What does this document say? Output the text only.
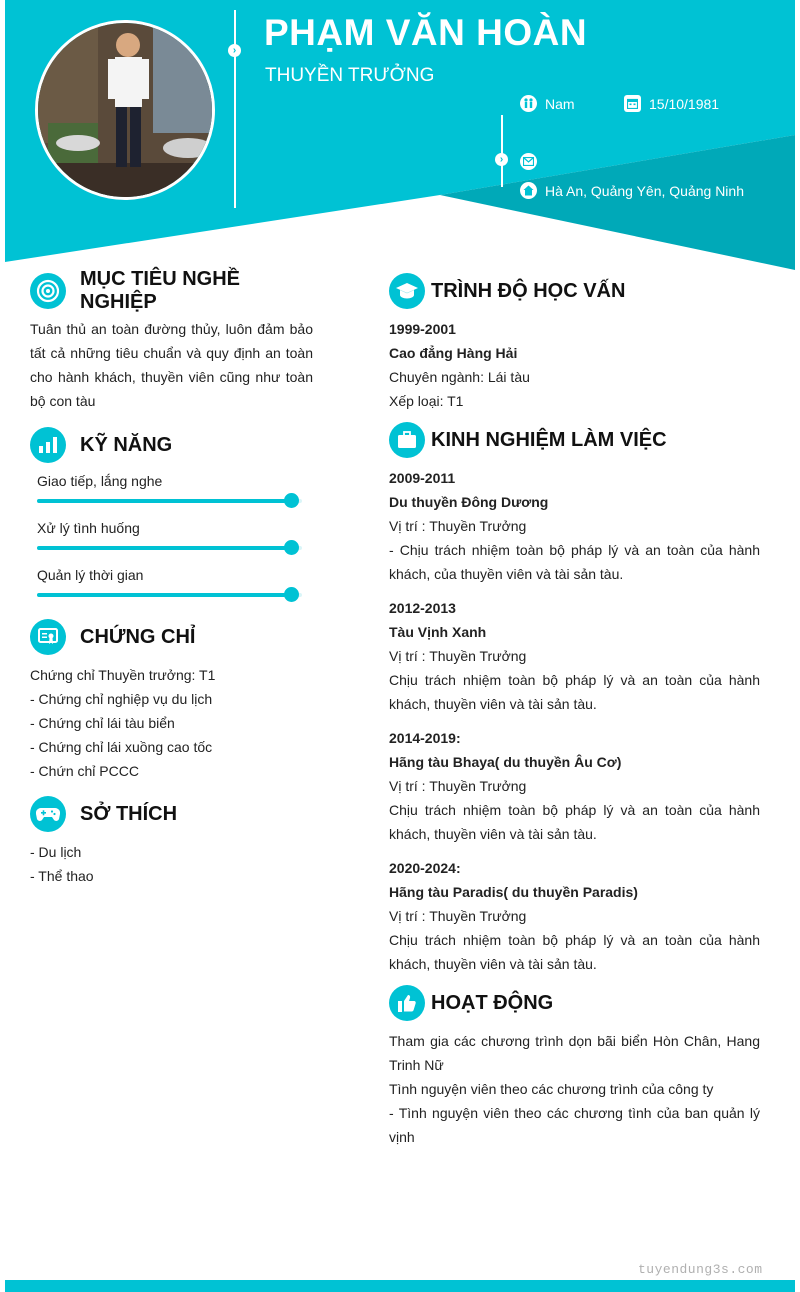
›
›
PHẠM VĂN HOÀN
THUYỀN TRƯỞNG
Nam	15/10/1981
Hà An, Quảng Yên, Quảng Ninh
MỤC TIÊU NGHỀ NGHIỆP

Tuân thủ an toàn đường thủy, luôn đảm bảo tất cả những tiêu chuẩn và quy định an toàn cho hành khách, thuyền viên cũng như toàn bộ con tàu

KỸ NĂNG
Giao tiếp, lắng nghe
Xử lý tình huống
Quản lý thời gian
CHỨNG CHỈ

Chứng chỉ Thuyền trưởng: T1

- Chứng chỉ nghiệp vụ du lịch

- Chứng chỉ lái tàu biển

- Chứng chỉ lái xuồng cao tốc

- Chứn chỉ PCCC

SỞ THÍCH

- Du lịch

- Thể thao

TRÌNH ĐỘ HỌC VẤN

1999-2001

Cao đẳng Hàng Hải

Chuyên ngành: Lái tàu

Xếp loại: T1

KINH NGHIỆM LÀM VIỆC

2009-2011

Du thuyền Đông Dương

Vị trí : Thuyền Trưởng

- Chịu trách nhiệm toàn bộ pháp lý và an toàn của hành khách, của thuyền viên và tài sản tàu.

2012-2013

Tàu Vịnh Xanh

Vị trí : Thuyền Trưởng

Chịu trách nhiệm toàn bộ pháp lý và an toàn của hành khách, thuyền viên và tài sản tàu.

2014-2019:

Hãng tàu Bhaya( du thuyền Âu Cơ)

Vị trí : Thuyền Trưởng

Chịu trách nhiệm toàn bộ pháp lý và an toàn của hành khách, thuyền viên và tài sản tàu.

2020-2024:

Hãng tàu Paradis( du thuyền Paradis)

Vị trí : Thuyền Trưởng

Chịu trách nhiệm toàn bộ pháp lý và an toàn của hành khách, thuyền viên và tài sản tàu.

HOẠT ĐỘNG

Tham gia các chương trình dọn bãi biển Hòn Chân, Hang Trinh Nữ

Tình nguyện viên theo các chương trình của công ty

- Tình nguyện viên theo các chương tình của ban quản lý vịnh

tuyendung3s.com
